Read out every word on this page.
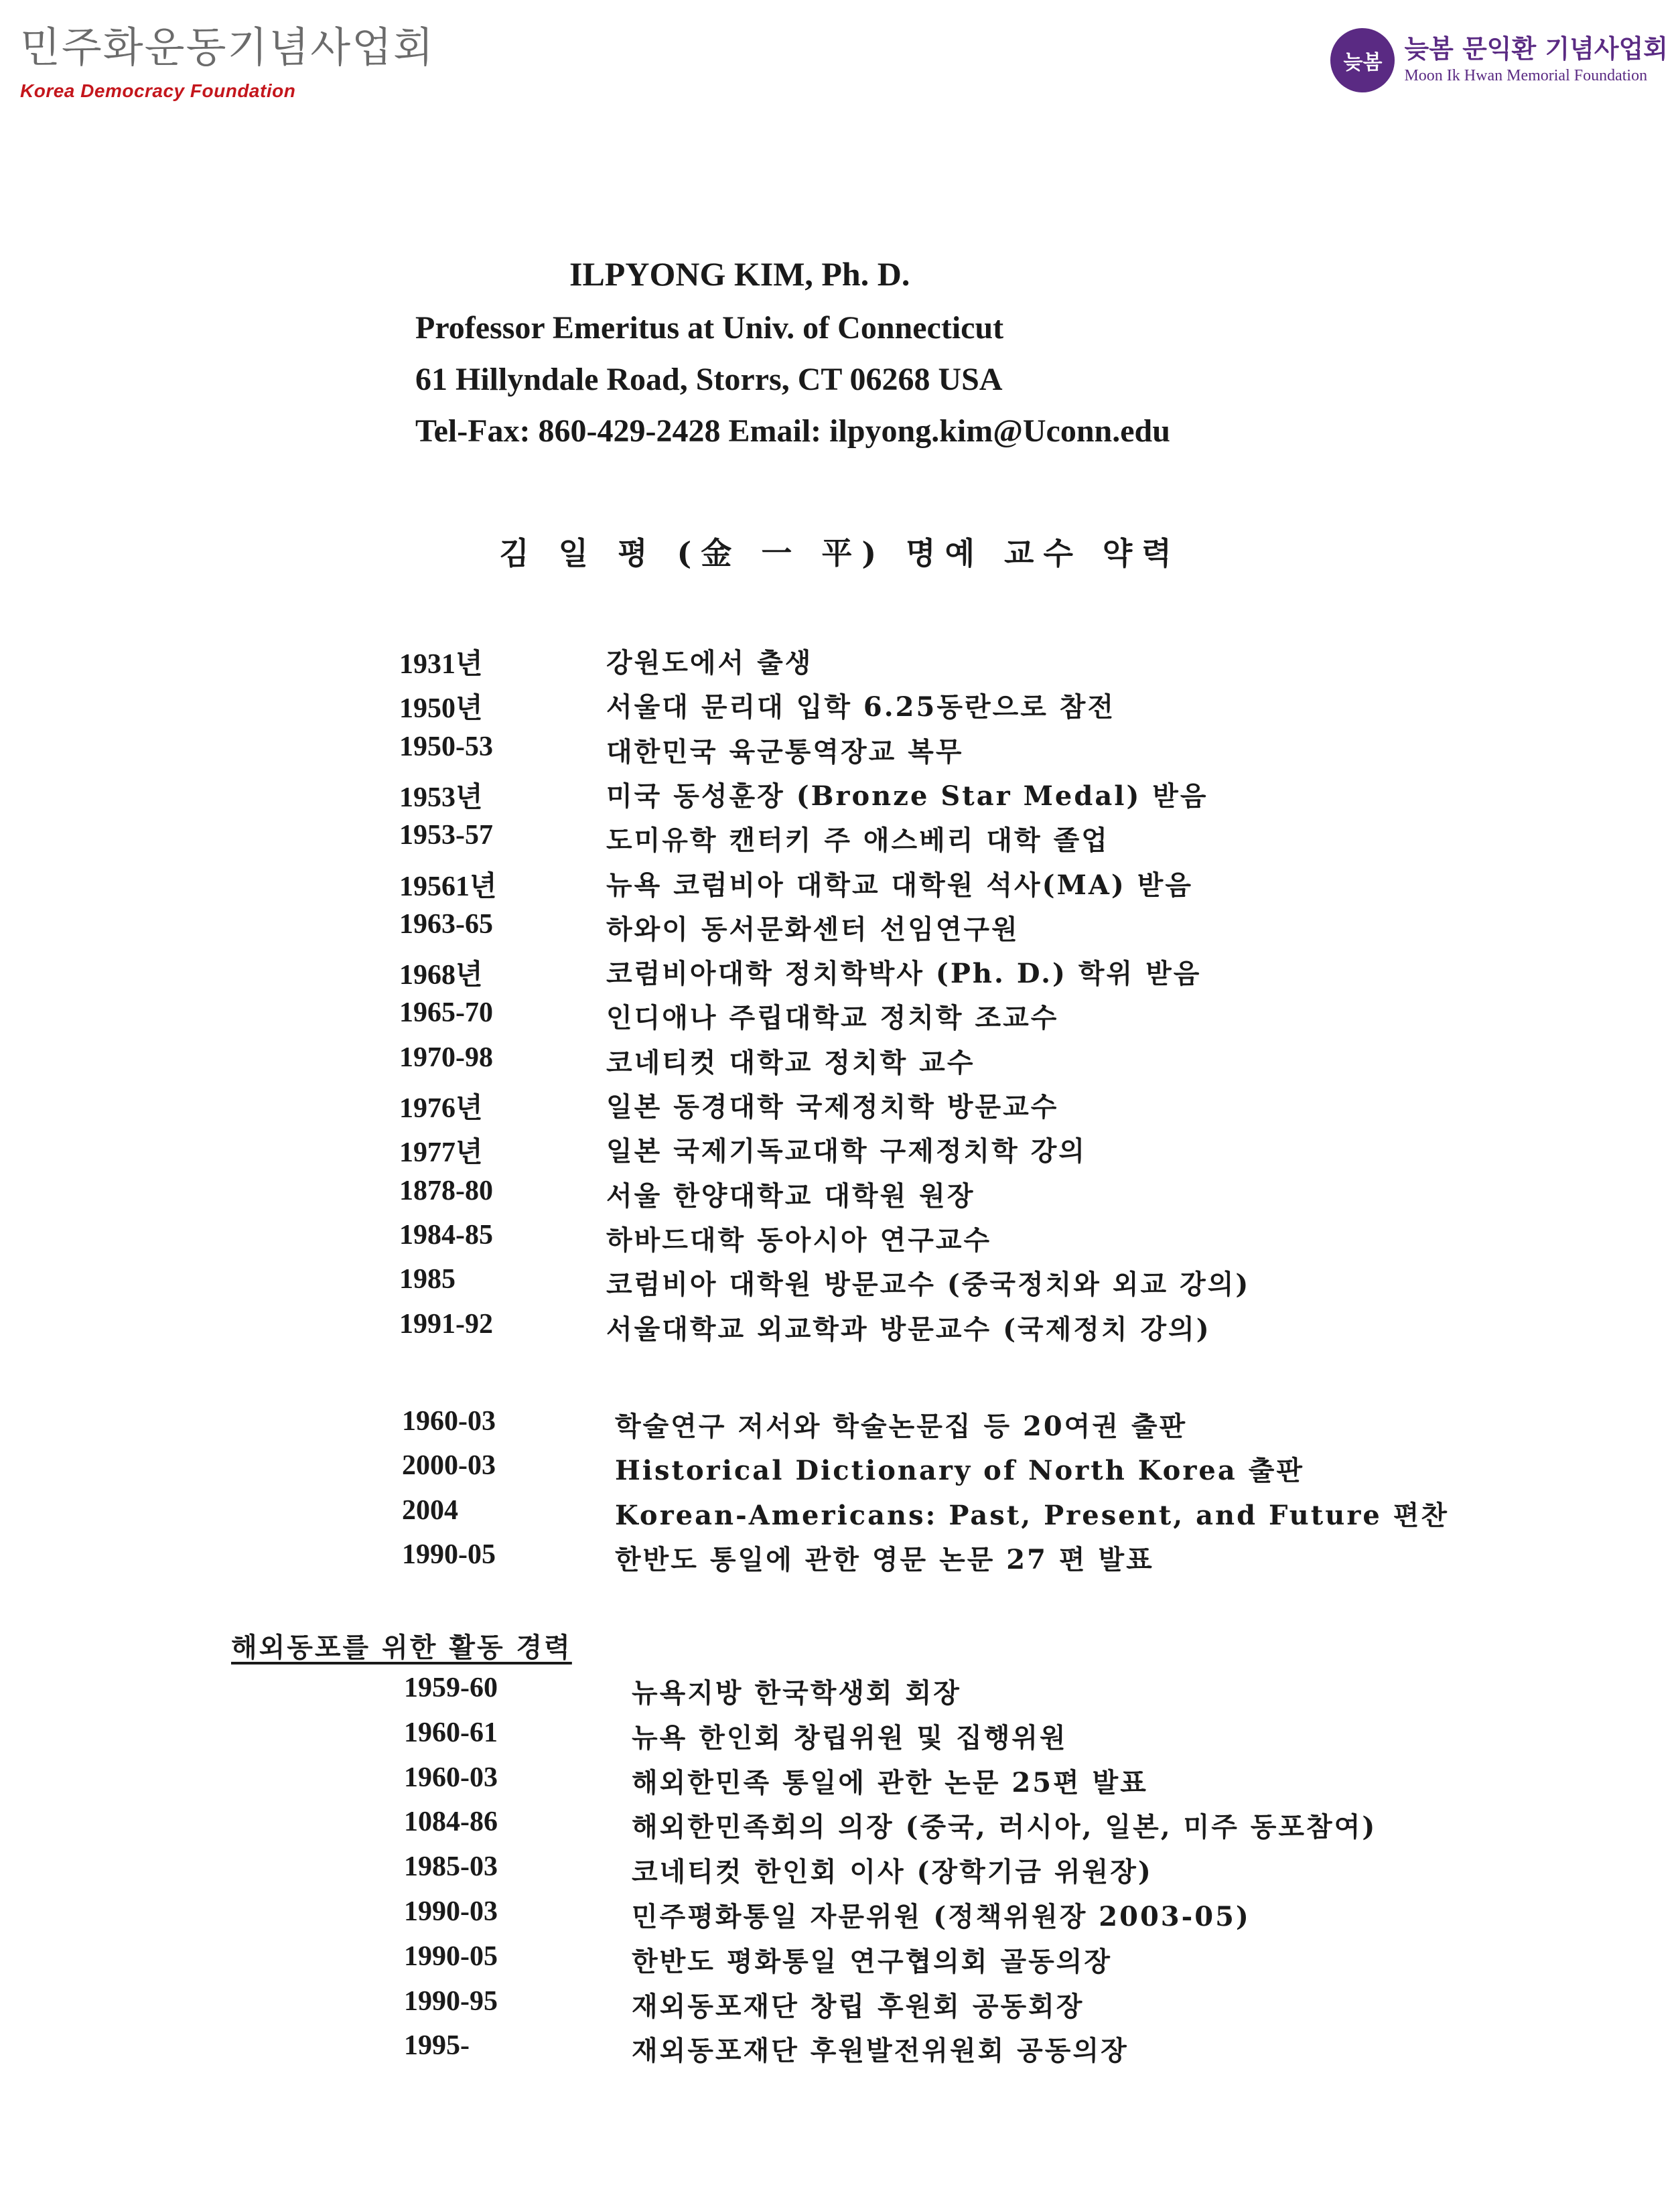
민주화운동기념사업회
Korea Democracy Foundation
늦봄 늦봄 문익환 기념사업회
Moon Ik Hwan Memorial Foundation
ILPYONG KIM, Ph. D.
Professor Emeritus at Univ. of Connecticut
61 Hillyndale Road, Storrs, CT 06268 USA
Tel-Fax: 860-429-2428 Email: ilpyong.kim@Uconn.edu
김 일 평 (金 一 平) 명예 교수 약력
1931년	강원도에서 출생
1950년	서울대 문리대 입학 6.25동란으로 참전
1950-53	대한민국 육군통역장교 복무
1953년	미국 동성훈장 (Bronze Star Medal) 받음
1953-57	도미유학 캔터키 주 애스베리 대학 졸업
19561년	뉴욕 코럼비아 대학교 대학원 석사(MA) 받음
1963-65	하와이 동서문화센터 선임연구원
1968년	코럼비아대학 정치학박사 (Ph. D.) 학위 받음
1965-70	인디애나 주립대학교 정치학 조교수
1970-98	코네티컷 대학교 정치학 교수
1976년	일본 동경대학 국제정치학 방문교수
1977년	일본 국제기독교대학 구제정치학 강의
1878-80	서울 한양대학교 대학원 원장
1984-85	하바드대학 동아시아 연구교수
1985	코럼비아 대학원 방문교수 (중국정치와 외교 강의)
1991-92	서울대학교 외교학과 방문교수 (국제정치 강의)
1960-03	학술연구 저서와 학술논문집 등 20여권 출판
2000-03	Historical Dictionary of North Korea 출판
2004	Korean-Americans: Past, Present, and Future 편찬
1990-05	한반도 통일에 관한 영문 논문 27 편 발표
해외동포를 위한 활동 경력
1959-60	뉴욕지방 한국학생회 회장
1960-61	뉴욕 한인회 창립위원 및 집행위원
1960-03	해외한민족 통일에 관한 논문 25편 발표
1084-86	해외한민족회의 의장 (중국, 러시아, 일본, 미주 동포참여)
1985-03	코네티컷 한인회 이사 (장학기금 위원장)
1990-03	민주평화통일 자문위원 (정책위원장 2003-05)
1990-05	한반도 평화통일 연구협의회 골동의장
1990-95	재외동포재단 창립 후원회 공동회장
1995-	재외동포재단 후원발전위원회 공동의장
